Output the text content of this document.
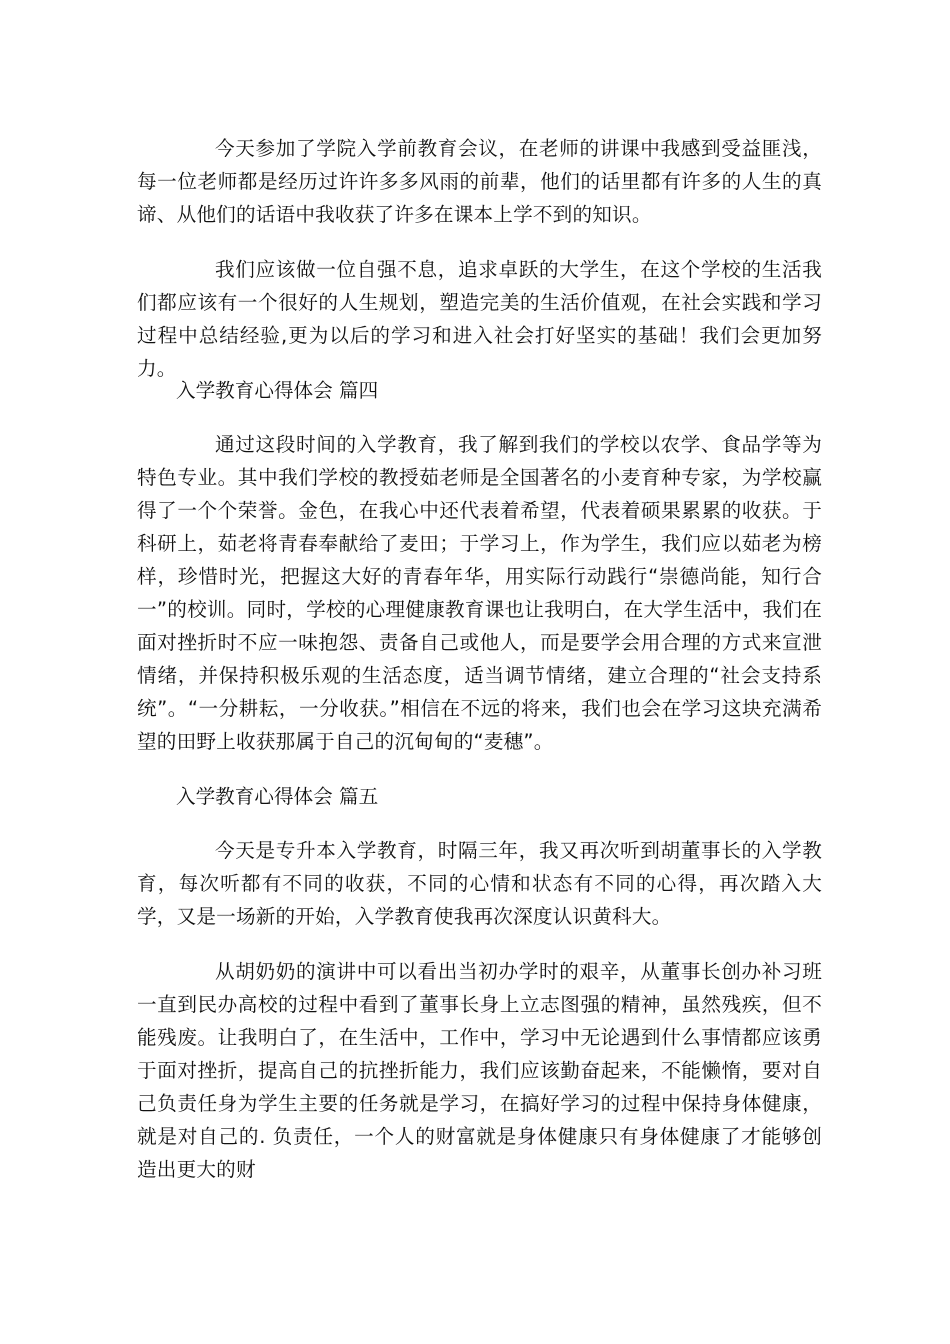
今天参加了学院入学前教育会议，在老师的讲课中我感到受益匪浅，每一位老师都是经历过许许多多风雨的前辈，他们的话里都有许多的人生的真谛、从他们的话语中我收获了许多在课本上学不到的知识。

我们应该做一位自强不息，追求卓跃的大学生，在这个学校的生活我们都应该有一个很好的人生规划，塑造完美的生活价值观，在社会实践和学习过程中总结经验,更为以后的学习和进入社会打好坚实的基础！我们会更加努力。

入学教育心得体会 篇四

通过这段时间的入学教育，我了解到我们的学校以农学、食品学等为特色专业。其中我们学校的教授茹老师是全国著名的小麦育种专家，为学校赢得了一个个荣誉。金色，在我心中还代表着希望，代表着硕果累累的收获。于科研上，茹老将青春奉献给了麦田；于学习上，作为学生，我们应以茹老为榜样，珍惜时光，把握这大好的青春年华，用实际行动践行“崇德尚能，知行合一”的校训。同时，学校的心理健康教育课也让我明白，在大学生活中，我们在面对挫折时不应一味抱怨、责备自己或他人，而是要学会用合理的方式来宣泄情绪，并保持积极乐观的生活态度，适当调节情绪，建立合理的“社会支持系统”。“一分耕耘，一分收获。”相信在不远的将来，我们也会在学习这块充满希望的田野上收获那属于自己的沉甸甸的“麦穗”。

入学教育心得体会 篇五

今天是专升本入学教育，时隔三年，我又再次听到胡董事长的入学教育，每次听都有不同的收获，不同的心情和状态有不同的心得，再次踏入大学，又是一场新的开始，入学教育使我再次深度认识黄科大。

从胡奶奶的演讲中可以看出当初办学时的艰辛，从董事长创办补习班一直到民办高校的过程中看到了董事长身上立志图强的精神，虽然残疾，但不能残废。让我明白了，在生活中，工作中，学习中无论遇到什么事情都应该勇于面对挫折，提高自己的抗挫折能力，我们应该勤奋起来，不能懒惰，要对自己负责任身为学生主要的任务就是学习，在搞好学习的过程中保持身体健康，就是对自己的. 负责任，一个人的财富就是身体健康只有身体健康了才能够创造出更大的财
